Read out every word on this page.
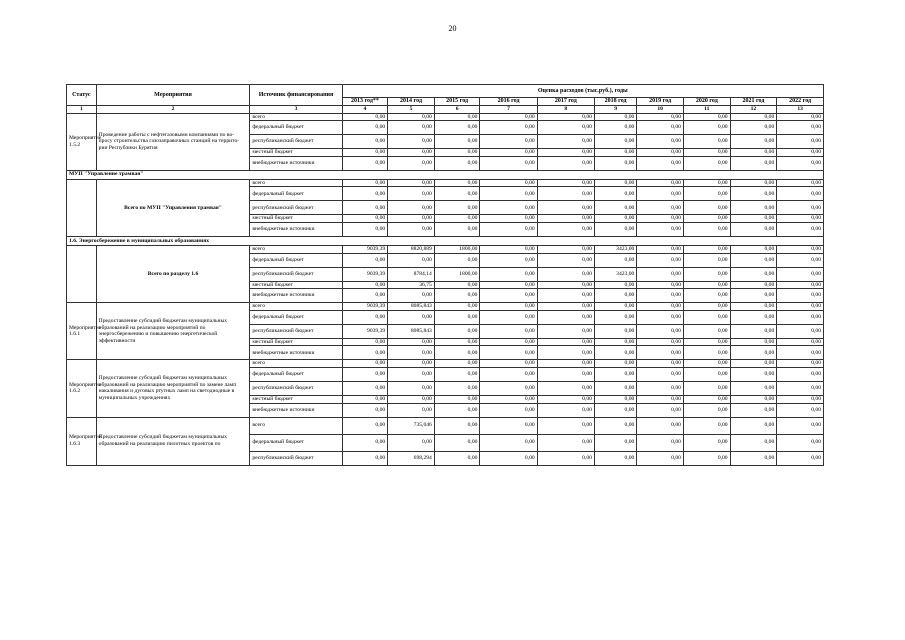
20
Статус	Мероприятия	Источник финансирования	Оценка расходов (тыс.руб.), годы									
			2013 год**	2014 год	2015 год	2016 год	2017 год	2018 год	2019 год	2020 год	2021 год	2022 год
1	2	3	4	5	6	7	8	9	10	11	12	13
Мероприятие 1.5.2	Проведение работы с нефтегазовыми компаниями по во-просу строительства газозаправочных станций на террито-рии Республики Бурятия	всего	0,00	0,00	0,00	0,00	0,00	0,00	0,00	0,00	0,00	0,00
		федеральный бюджет	0,00	0,00	0,00	0,00	0,00	0,00	0,00	0,00	0,00	0,00
		республиканский бюджет	0,00	0,00	0,00	0,00	0,00	0,00	0,00	0,00	0,00	0,00
		местный бюджет	0,00	0,00	0,00	0,00	0,00	0,00	0,00	0,00	0,00	0,00
		внебюджетные источники	0,00	0,00	0,00	0,00	0,00	0,00	0,00	0,00	0,00	0,00
МУП "Управление трамвая"												
	Всего по МУП "Управления трамвая"	всего	0,00	0,00	0,00	0,00	0,00	0,00	0,00	0,00	0,00	0,00
		федеральный бюджет	0,00	0,00	0,00	0,00	0,00	0,00	0,00	0,00	0,00	0,00
		республиканский бюджет	0,00	0,00	0,00	0,00	0,00	0,00	0,00	0,00	0,00	0,00
		местный бюджет	0,00	0,00	0,00	0,00	0,00	0,00	0,00	0,00	0,00	0,00
		внебюджетные источники	0,00	0,00	0,00	0,00	0,00	0,00	0,00	0,00	0,00	0,00
1.6. Энергосбережение в муниципальных образованиях												
	Всего по разделу 1.6	всего	9039,39	8820,889	1800,00	0,00	0,00	3423,00	0,00	0,00	0,00	0,00
		федеральный бюджет	0,00	0,00	0,00	0,00	0,00	0,00	0,00	0,00	0,00	0,00
		республиканский бюджет	9039,39	8784,14	1800,00	0,00	0,00	3423,00	0,00	0,00	0,00	0,00
		местный бюджет	0,00	36,75	0,00	0,00	0,00	0,00	0,00	0,00	0,00	0,00
		внебюджетные источники	0,00	0,00	0,00	0,00	0,00	0,00	0,00	0,00	0,00	0,00
Мероприятие 1.6.1	Предоставление субсидий бюджетам муниципальных образований на реализацию мероприятий по энергосбережению и повышению энергетической эффективности	всего	9039,39	8085,843	0,00	0,00	0,00	0,00	0,00	0,00	0,00	0,00
		федеральный бюджет	0,00	0,00	0,00	0,00	0,00	0,00	0,00	0,00	0,00	0,00
		республиканский бюджет	9039,39	8085,843	0,00	0,00	0,00	0,00	0,00	0,00	0,00	0,00
		местный бюджет	0,00	0,00	0,00	0,00	0,00	0,00	0,00	0,00	0,00	0,00
		внебюджетные источники	0,00	0,00	0,00	0,00	0,00	0,00	0,00	0,00	0,00	0,00
Мероприятие 1.6.2	Предоставление субсидий бюджетам муниципальных образований на реализацию мероприятий по замене ламп накаливания и дуговых ртутных ламп на светодиодные в муниципальных учреждениях	всего	0,00	0,00	0,00	0,00	0,00	0,00	0,00	0,00	0,00	0,00
		федеральный бюджет	0,00	0,00	0,00	0,00	0,00	0,00	0,00	0,00	0,00	0,00
		республиканский бюджет	0,00	0,00	0,00	0,00	0,00	0,00	0,00	0,00	0,00	0,00
		местный бюджет	0,00	0,00	0,00	0,00	0,00	0,00	0,00	0,00	0,00	0,00
		внебюджетные источники	0,00	0,00	0,00	0,00	0,00	0,00	0,00	0,00	0,00	0,00
Мероприятие 1.6.3	Предоставление субсидий бюджетам муниципальных образований на реализацию пилотных проектов по	всего	0,00	735,046	0,00	0,00	0,00	0,00	0,00	0,00	0,00	0,00
		федеральный бюджет	0,00	0,00	0,00	0,00	0,00	0,00	0,00	0,00	0,00	0,00
		республиканский бюджет	0,00	698,294	0,00	0,00	0,00	0,00	0,00	0,00	0,00	0,00
